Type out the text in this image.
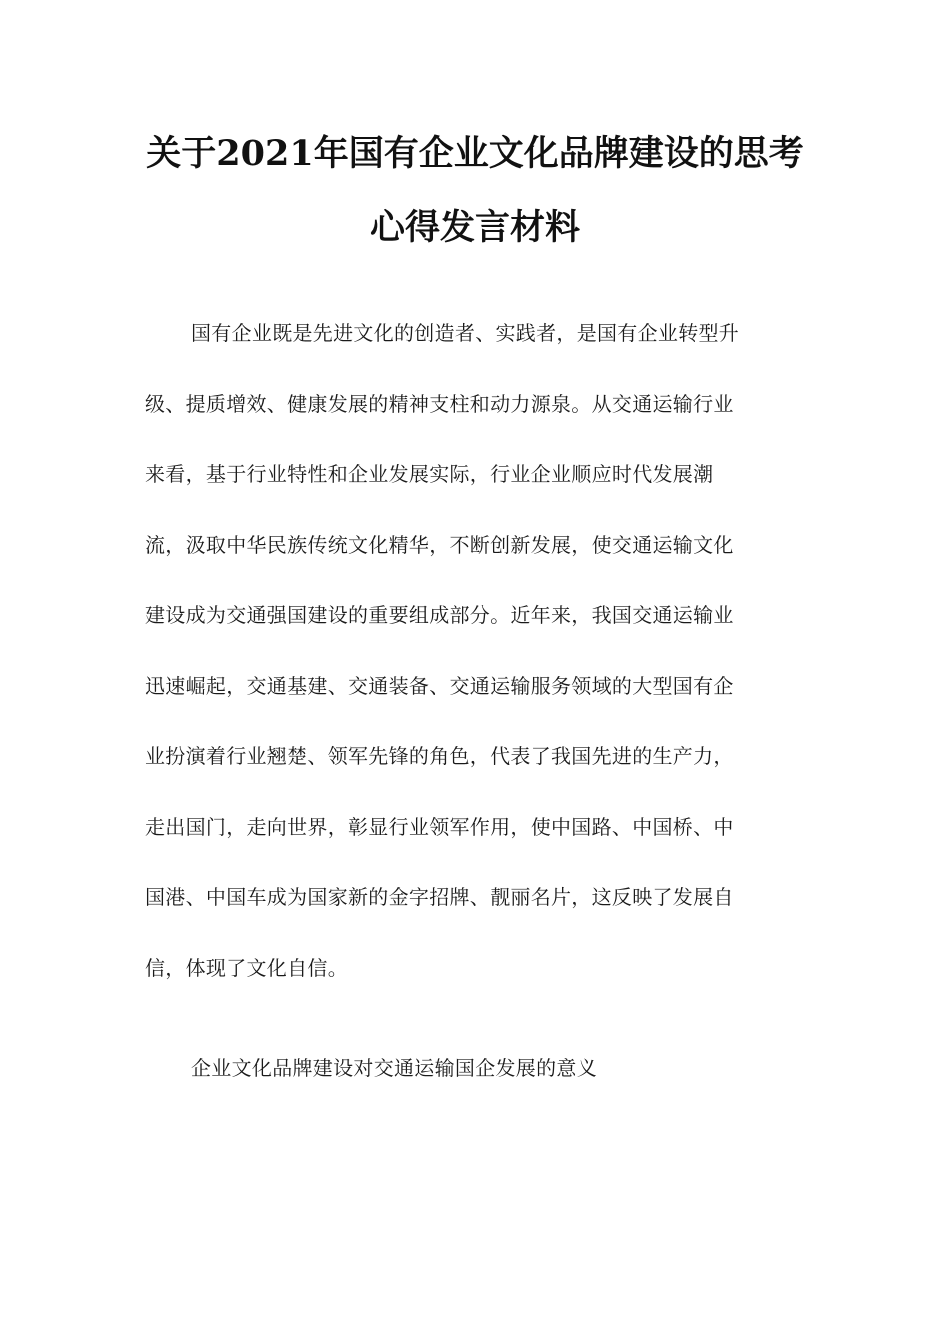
关于2021年国有企业文化品牌建设的思考
心得发言材料
国有企业既是先进文化的创造者、实践者，是国有企业转型升
级、提质增效、健康发展的精神支柱和动力源泉。从交通运输行业
来看，基于行业特性和企业发展实际，行业企业顺应时代发展潮
流，汲取中华民族传统文化精华，不断创新发展，使交通运输文化
建设成为交通强国建设的重要组成部分。近年来，我国交通运输业
迅速崛起，交通基建、交通装备、交通运输服务领域的大型国有企
业扮演着行业翘楚、领军先锋的角色，代表了我国先进的生产力，
走出国门，走向世界，彰显行业领军作用，使中国路、中国桥、中
国港、中国车成为国家新的金字招牌、靓丽名片，这反映了发展自
信，体现了文化自信。
企业文化品牌建设对交通运输国企发展的意义
